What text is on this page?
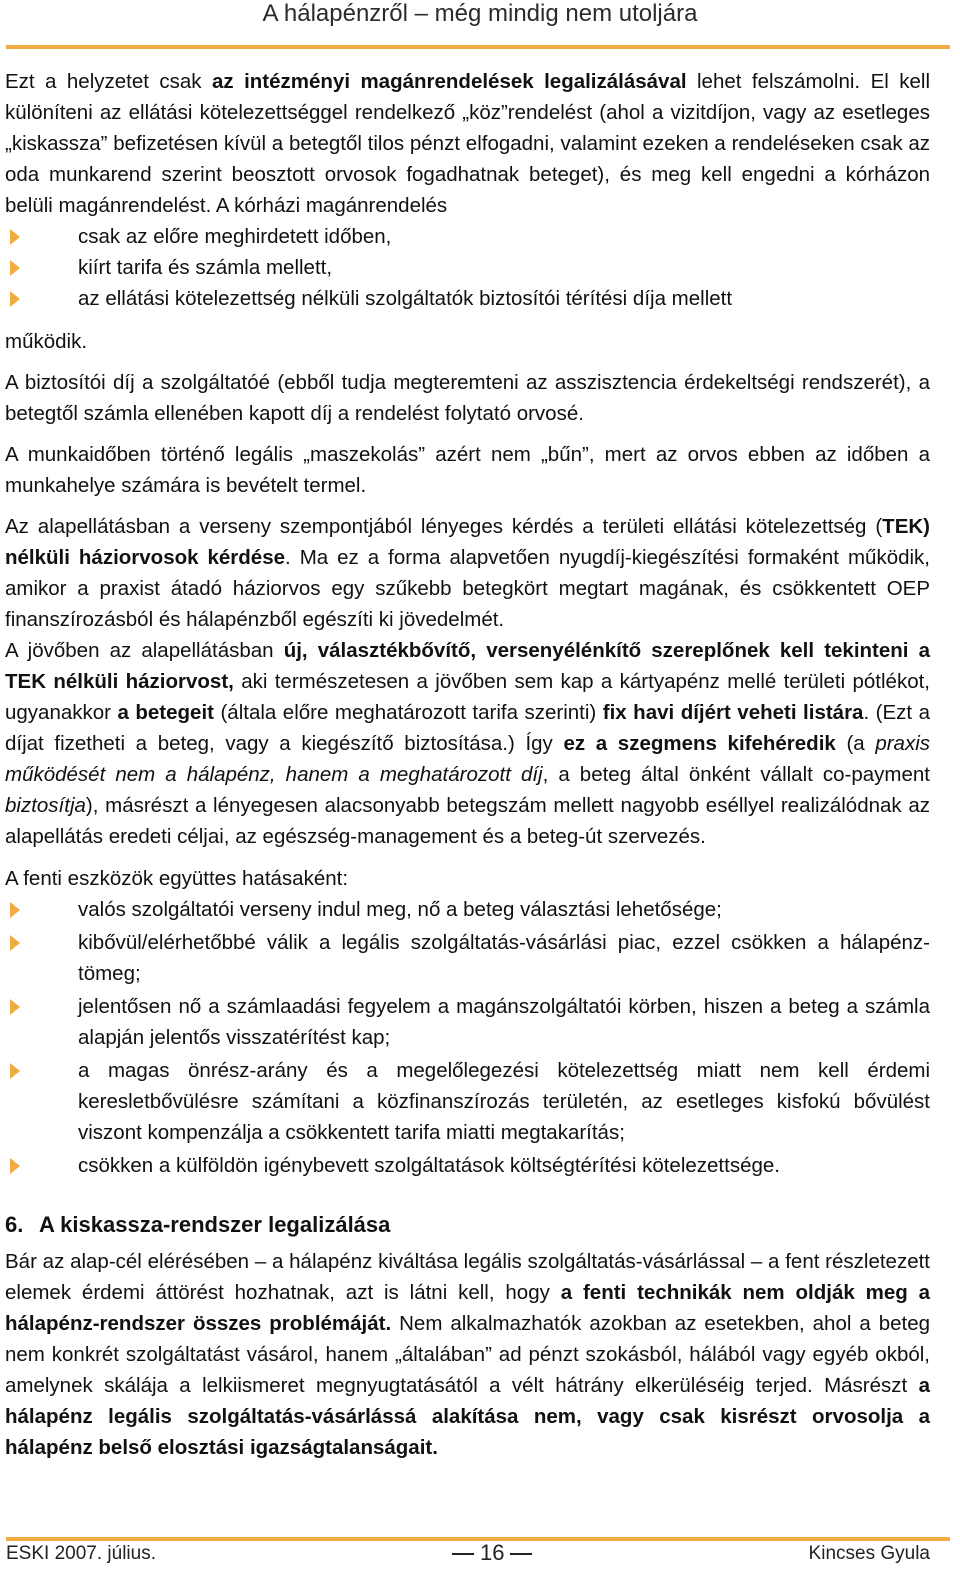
A hálapénzről – még mindig nem utoljára

Ezt a helyzetet csak az intézményi magánrendelések legalizálásával lehet felszámolni. El kell különíteni az ellátási kötelezettséggel rendelkező „köz”rendelést (ahol a vizitdíjon, vagy az esetleges „kiskassza” befizetésen kívül a betegtől tilos pénzt elfogadni, valamint ezeken a rendeléseken csak az oda munkarend szerint beosztott orvosok fogadhatnak beteget), és meg kell engedni a kórházon belüli magánrendelést. A kórházi magánrendelés

csak az előre meghirdetett időben,
kiírt tarifa és számla mellett,
az ellátási kötelezettség nélküli szolgáltatók biztosítói térítési díja mellett

működik.

A biztosítói díj a szolgáltatóé (ebből tudja megteremteni az asszisztencia érdekeltségi rendszerét), a betegtől számla ellenében kapott díj a rendelést folytató orvosé.

A munkaidőben történő legális „maszekolás” azért nem „bűn”, mert az orvos ebben az időben a munkahelye számára is bevételt termel.

Az alapellátásban a verseny szempontjából lényeges kérdés a területi ellátási kötelezettség (TEK) nélküli háziorvosok kérdése. Ma ez a forma alapvetően nyugdíj-kiegészítési formaként működik, amikor a praxist átadó háziorvos egy szűkebb betegkört megtart magának, és csökkentett OEP finanszírozásból és hálapénzből egészíti ki jövedelmét.

A jövőben az alapellátásban új, választékbővítő, versenyélénkítő szereplőnek kell tekinteni a TEK nélküli háziorvost, aki természetesen a jövőben sem kap a kártyapénz mellé területi pótlékot, ugyanakkor a betegeit (általa előre meghatározott tarifa szerinti) fix havi díjért veheti listára. (Ezt a díjat fizetheti a beteg, vagy a kiegészítő biztosítása.) Így ez a szegmens kifehéredik (a praxis működését nem a hálapénz, hanem a meghatározott díj, a beteg által önként vállalt co-payment biztosítja), másrészt a lényegesen alacsonyabb betegszám mellett nagyobb eséllyel realizálódnak az alapellátás eredeti céljai, az egészség-management és a beteg-út szervezés.

A fenti eszközök együttes hatásaként:

valós szolgáltatói verseny indul meg, nő a beteg választási lehetősége;
kibővül/elérhetőbbé válik a legális szolgáltatás-vásárlási piac, ezzel csökken a hálapénz-tömeg;
jelentősen nő a számlaadási fegyelem a magánszolgáltatói körben, hiszen a beteg a számla alapján jelentős visszatérítést kap;
a magas önrész-arány és a megelőlegezési kötelezettség miatt nem kell érdemi keresletbővülésre számítani a közfinanszírozás területén, az esetleges kisfokú bővülést viszont kompenzálja a csökkentett tarifa miatti megtakarítás;
csökken a külföldön igénybevett szolgáltatások költségtérítési kötelezettsége.
6. A kiskassza-rendszer legalizálása

Bár az alap-cél elérésében – a hálapénz kiváltása legális szolgáltatás-vásárlással – a fent részletezett elemek érdemi áttörést hozhatnak, azt is látni kell, hogy a fenti technikák nem oldják meg a hálapénz-rendszer összes problémáját. Nem alkalmazhatók azokban az esetekben, ahol a beteg nem konkrét szolgáltatást vásárol, hanem „általában” ad pénzt szokásból, hálából vagy egyéb okból, amelynek skálája a lelkiismeret megnyugtatásától a vélt hátrány elkerüléséig terjed. Másrészt a hálapénz legális szolgáltatás-vásárlássá alakítása nem, vagy csak kisrészt orvosolja a hálapénz belső elosztási igazságtalanságait.

ESKI 2007. július.	16	Kincses Gyula
